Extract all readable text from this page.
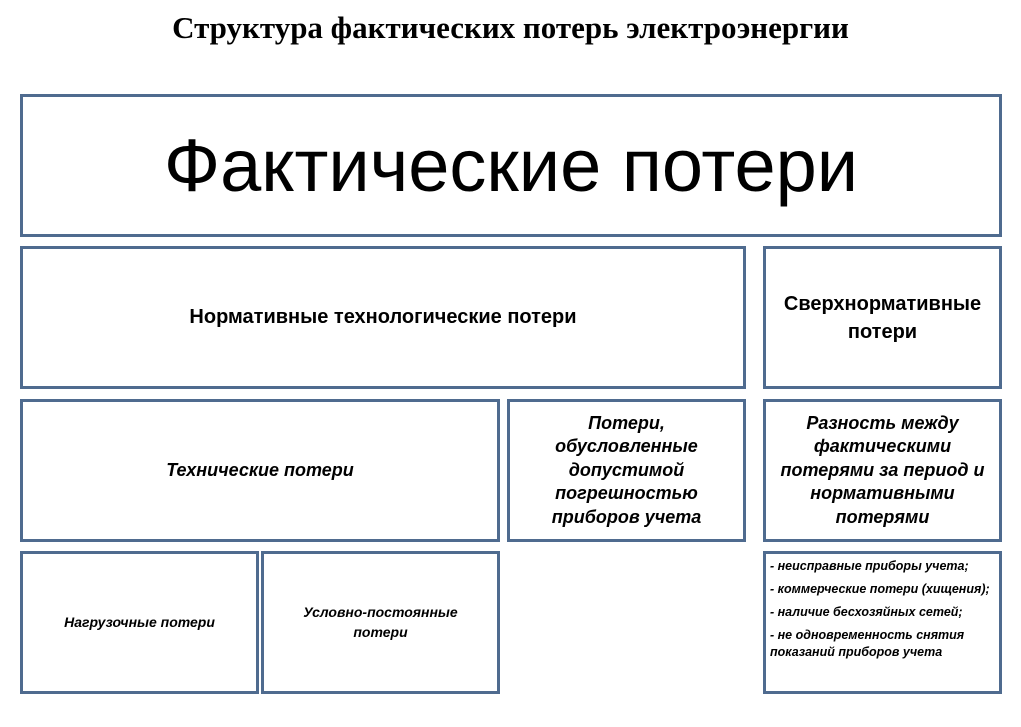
Структура фактических потерь электроэнергии
Фактические потери
Нормативные технологические потери
Сверхнормативные потери
Технические потери
Потери, обусловленные допустимой погрешностью приборов учета
Разность между фактическими потерями за период и нормативными потерями
Нагрузочные потери
Условно-постоянные потери
- неисправные приборы учета;
- коммерческие потери (хищения);
- наличие бесхозяйных сетей;
- не одновременность снятия показаний приборов учета
